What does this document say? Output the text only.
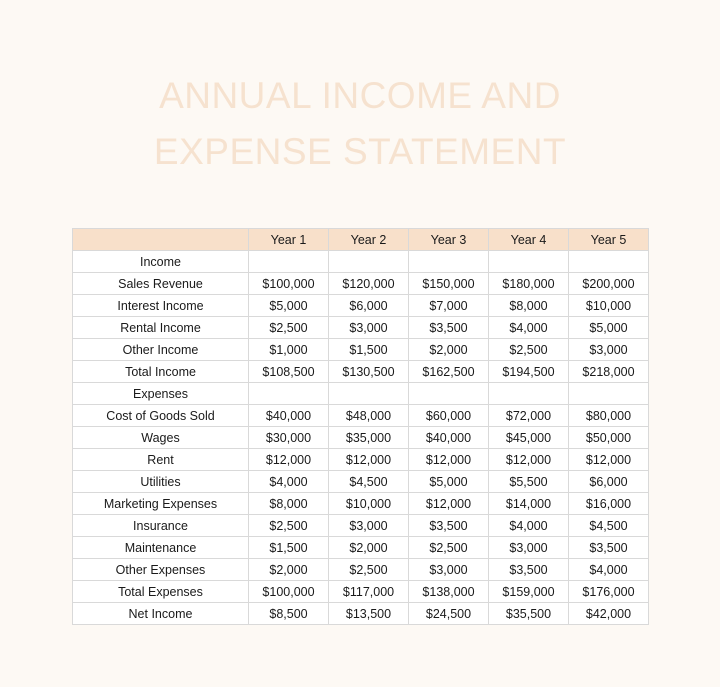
ANNUAL INCOME AND
EXPENSE STATEMENT
	Year 1	Year 2	Year 3	Year 4	Year 5
Income					
Sales Revenue	$100,000	$120,000	$150,000	$180,000	$200,000
Interest Income	$5,000	$6,000	$7,000	$8,000	$10,000
Rental Income	$2,500	$3,000	$3,500	$4,000	$5,000
Other Income	$1,000	$1,500	$2,000	$2,500	$3,000
Total Income	$108,500	$130,500	$162,500	$194,500	$218,000
Expenses					
Cost of Goods Sold	$40,000	$48,000	$60,000	$72,000	$80,000
Wages	$30,000	$35,000	$40,000	$45,000	$50,000
Rent	$12,000	$12,000	$12,000	$12,000	$12,000
Utilities	$4,000	$4,500	$5,000	$5,500	$6,000
Marketing Expenses	$8,000	$10,000	$12,000	$14,000	$16,000
Insurance	$2,500	$3,000	$3,500	$4,000	$4,500
Maintenance	$1,500	$2,000	$2,500	$3,000	$3,500
Other Expenses	$2,000	$2,500	$3,000	$3,500	$4,000
Total Expenses	$100,000	$117,000	$138,000	$159,000	$176,000
Net Income	$8,500	$13,500	$24,500	$35,500	$42,000
